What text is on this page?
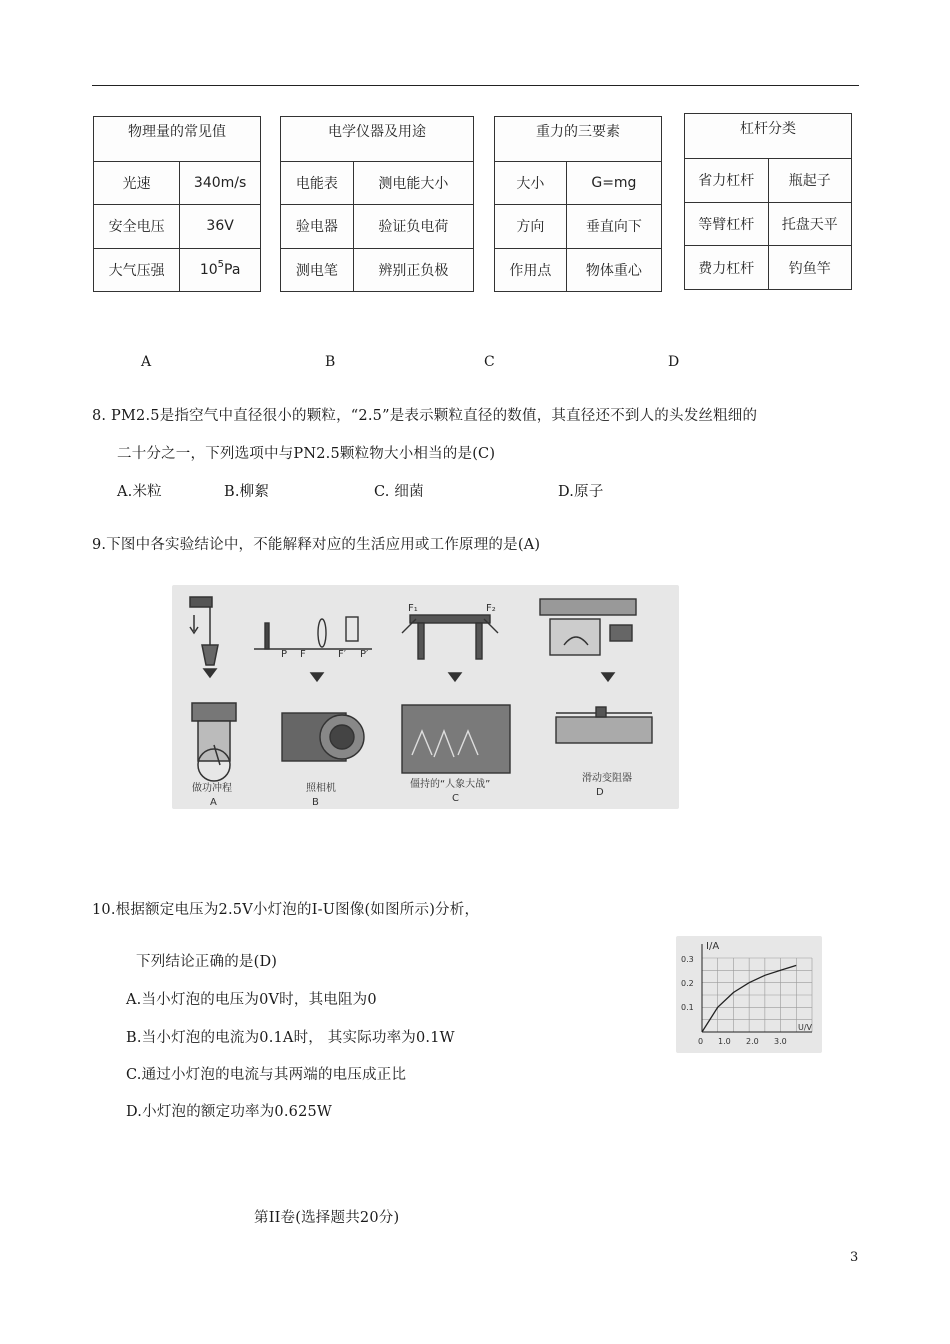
物理量的常见值	
光速	340m/s
安全电压	36V
大气压强	$10^5Pa$
电学仪器及用途	
电能表	测电能大小
验电器	验证负电荷
测电笔	辨别正负极
重力的三要素	
大小	G=mg
方向	垂直向下
作用点	物体重心
杠杆分类	
省力杠杆	瓶起子
等臂杠杆	托盘天平
费力杠杆	钓鱼竿
A	B	C	D
8. PM2.5是指空气中直径很小的颗粒，“2.5”是表示颗粒直径的数值，其直径还不到人的头发丝粗细的
二十分之一，下列选项中与PN2.5颗粒物大小相当的是(C)
A.米粒	B.柳絮	C. 细菌	D.原子
9.下图中各实验结论中，不能解释对应的生活应用或工作原理的是(A)
做功冲程
A
P F	F′ P′
照相机
B
F₁	F₂
僵持的“人象大战”
C
滑动变阻器
D
10.根据额定电压为2.5V小灯泡的I-U图像(如图所示)分析，
下列结论正确的是(D)
A.当小灯泡的电压为0V时，其电阻为0
B.当小灯泡的电流为0.1A时， 其实际功率为0.1W
C.通过小灯泡的电流与其两端的电压成正比
D.小灯泡的额定功率为0.625W
I/A
U/V
0.3
0.2
0.1
0 1.0 2.0 3.0
第II卷(选择题共20分)
3
